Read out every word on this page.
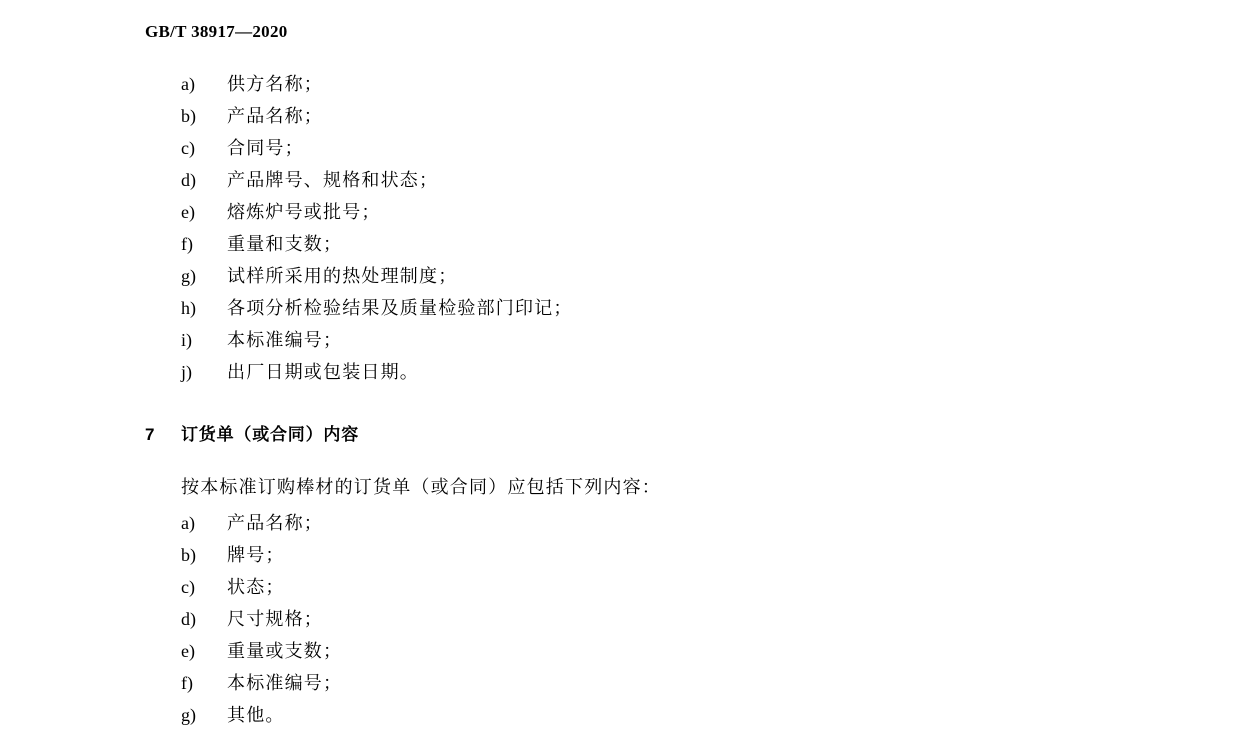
GB/T 38917—2020
a)	供方名称；
b)	产品名称；
c)	合同号；
d)	产品牌号、规格和状态；
e)	熔炼炉号或批号；
f)	重量和支数；
g)	试样所采用的热处理制度；
h)	各项分析检验结果及质量检验部门印记；
i)	本标准编号；
j)	出厂日期或包装日期。
7	订货单（或合同）内容
按本标准订购棒材的订货单（或合同）应包括下列内容：
a)	产品名称；
b)	牌号；
c)	状态；
d)	尺寸规格；
e)	重量或支数；
f)	本标准编号；
g)	其他。
